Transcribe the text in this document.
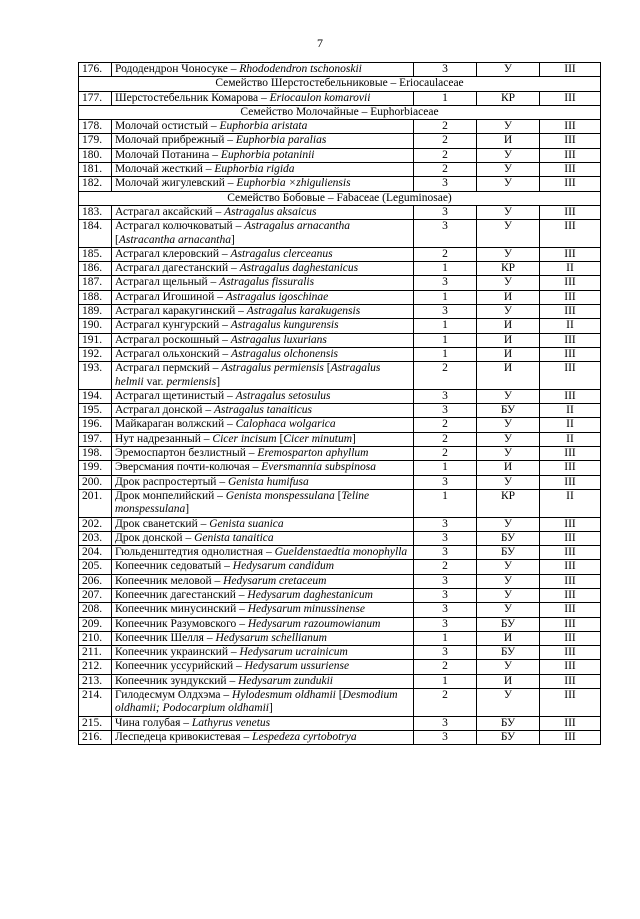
7
176.	Рододендрон Чоносуке – Rhododendron tschonoskii	3	У	III
Семейство Шерстостебельниковые – Eriocaulaceae				
177.	Шерстостебельник Комарова – Eriocaulon komarovii	1	КР	III
Семейство Молочайные – Euphorbiaceae				
178.	Молочай остистый – Euphorbia aristata	2	У	III
179.	Молочай прибрежный – Euphorbia paralias	2	И	III
180.	Молочай Потанина – Euphorbia potaninii	2	У	III
181.	Молочай жесткий – Euphorbia rigida	2	У	III
182.	Молочай жигулевский – Euphorbia ×zhiguliensis	3	У	III
Семейство Бобовые – Fabaceae (Leguminosae)				
183.	Астрагал аксайский – Astragalus aksaicus	3	У	III
184.	Астрагал колючковатый – Astragalus arnacantha [Astracantha arnacantha]	3	У	III
185.	Астрагал клеровский – Astragalus clerceanus	2	У	III
186.	Астрагал дагестанский – Astragalus daghestanicus	1	КР	II
187.	Астрагал щельный – Astragalus fissuralis	3	У	III
188.	Астрагал Игошиной – Astragalus igoschinae	1	И	III
189.	Астрагал каракугинский – Astragalus karakugensis	3	У	III
190.	Астрагал кунгурский – Astragalus kungurensis	1	И	II
191.	Астрагал роскошный – Astragalus luxurians	1	И	III
192.	Астрагал ольхонский – Astragalus olchonensis	1	И	III
193.	Астрагал пермский – Astragalus permiensis [Astragalus helmii var. permiensis]	2	И	III
194.	Астрагал щетинистый – Astragalus setosulus	3	У	III
195.	Астрагал донской – Astragalus tanaiticus	3	БУ	II
196.	Майкараган волжский – Calophaca wolgarica	2	У	II
197.	Нут надрезанный – Cicer incisum [Cicer minutum]	2	У	II
198.	Эремоспартон безлистный – Eremosparton aphyllum	2	У	III
199.	Эверсмания почти-колючая – Eversmannia subspinosa	1	И	III
200.	Дрок распростертый – Genista humifusa	3	У	III
201.	Дрок монпелийский – Genista monspessulana [Teline monspessulana]	1	КР	II
202.	Дрок сванетский – Genista suanica	3	У	III
203.	Дрок донской – Genista tanaitica	3	БУ	III
204.	Гюльденштедтия однолистная – Gueldenstaedtia monophylla	3	БУ	III
205.	Копеечник седоватый – Hedysarum candidum	2	У	III
206.	Копеечник меловой – Hedysarum cretaceum	3	У	III
207.	Копеечник дагестанский – Hedysarum daghestanicum	3	У	III
208.	Копеечник минусинский – Hedysarum minussinense	3	У	III
209.	Копеечник Разумовского – Hedysarum razoumowianum	3	БУ	III
210.	Копеечник Шелля – Hedysarum schellianum	1	И	III
211.	Копеечник украинский – Hedysarum ucrainicum	3	БУ	III
212.	Копеечник уссурийский – Hedysarum ussuriense	2	У	III
213.	Копеечник зундукский – Hedysarum zundukii	1	И	III
214.	Гилодесмум Олдхэма – Hylodesmum oldhamii [Desmodium oldhamii; Podocarpium oldhamii]	2	У	III
215.	Чина голубая – Lathyrus venetus	3	БУ	III
216.	Леспедеца кривокистевая – Lespedeza cyrtobotrya	3	БУ	III
